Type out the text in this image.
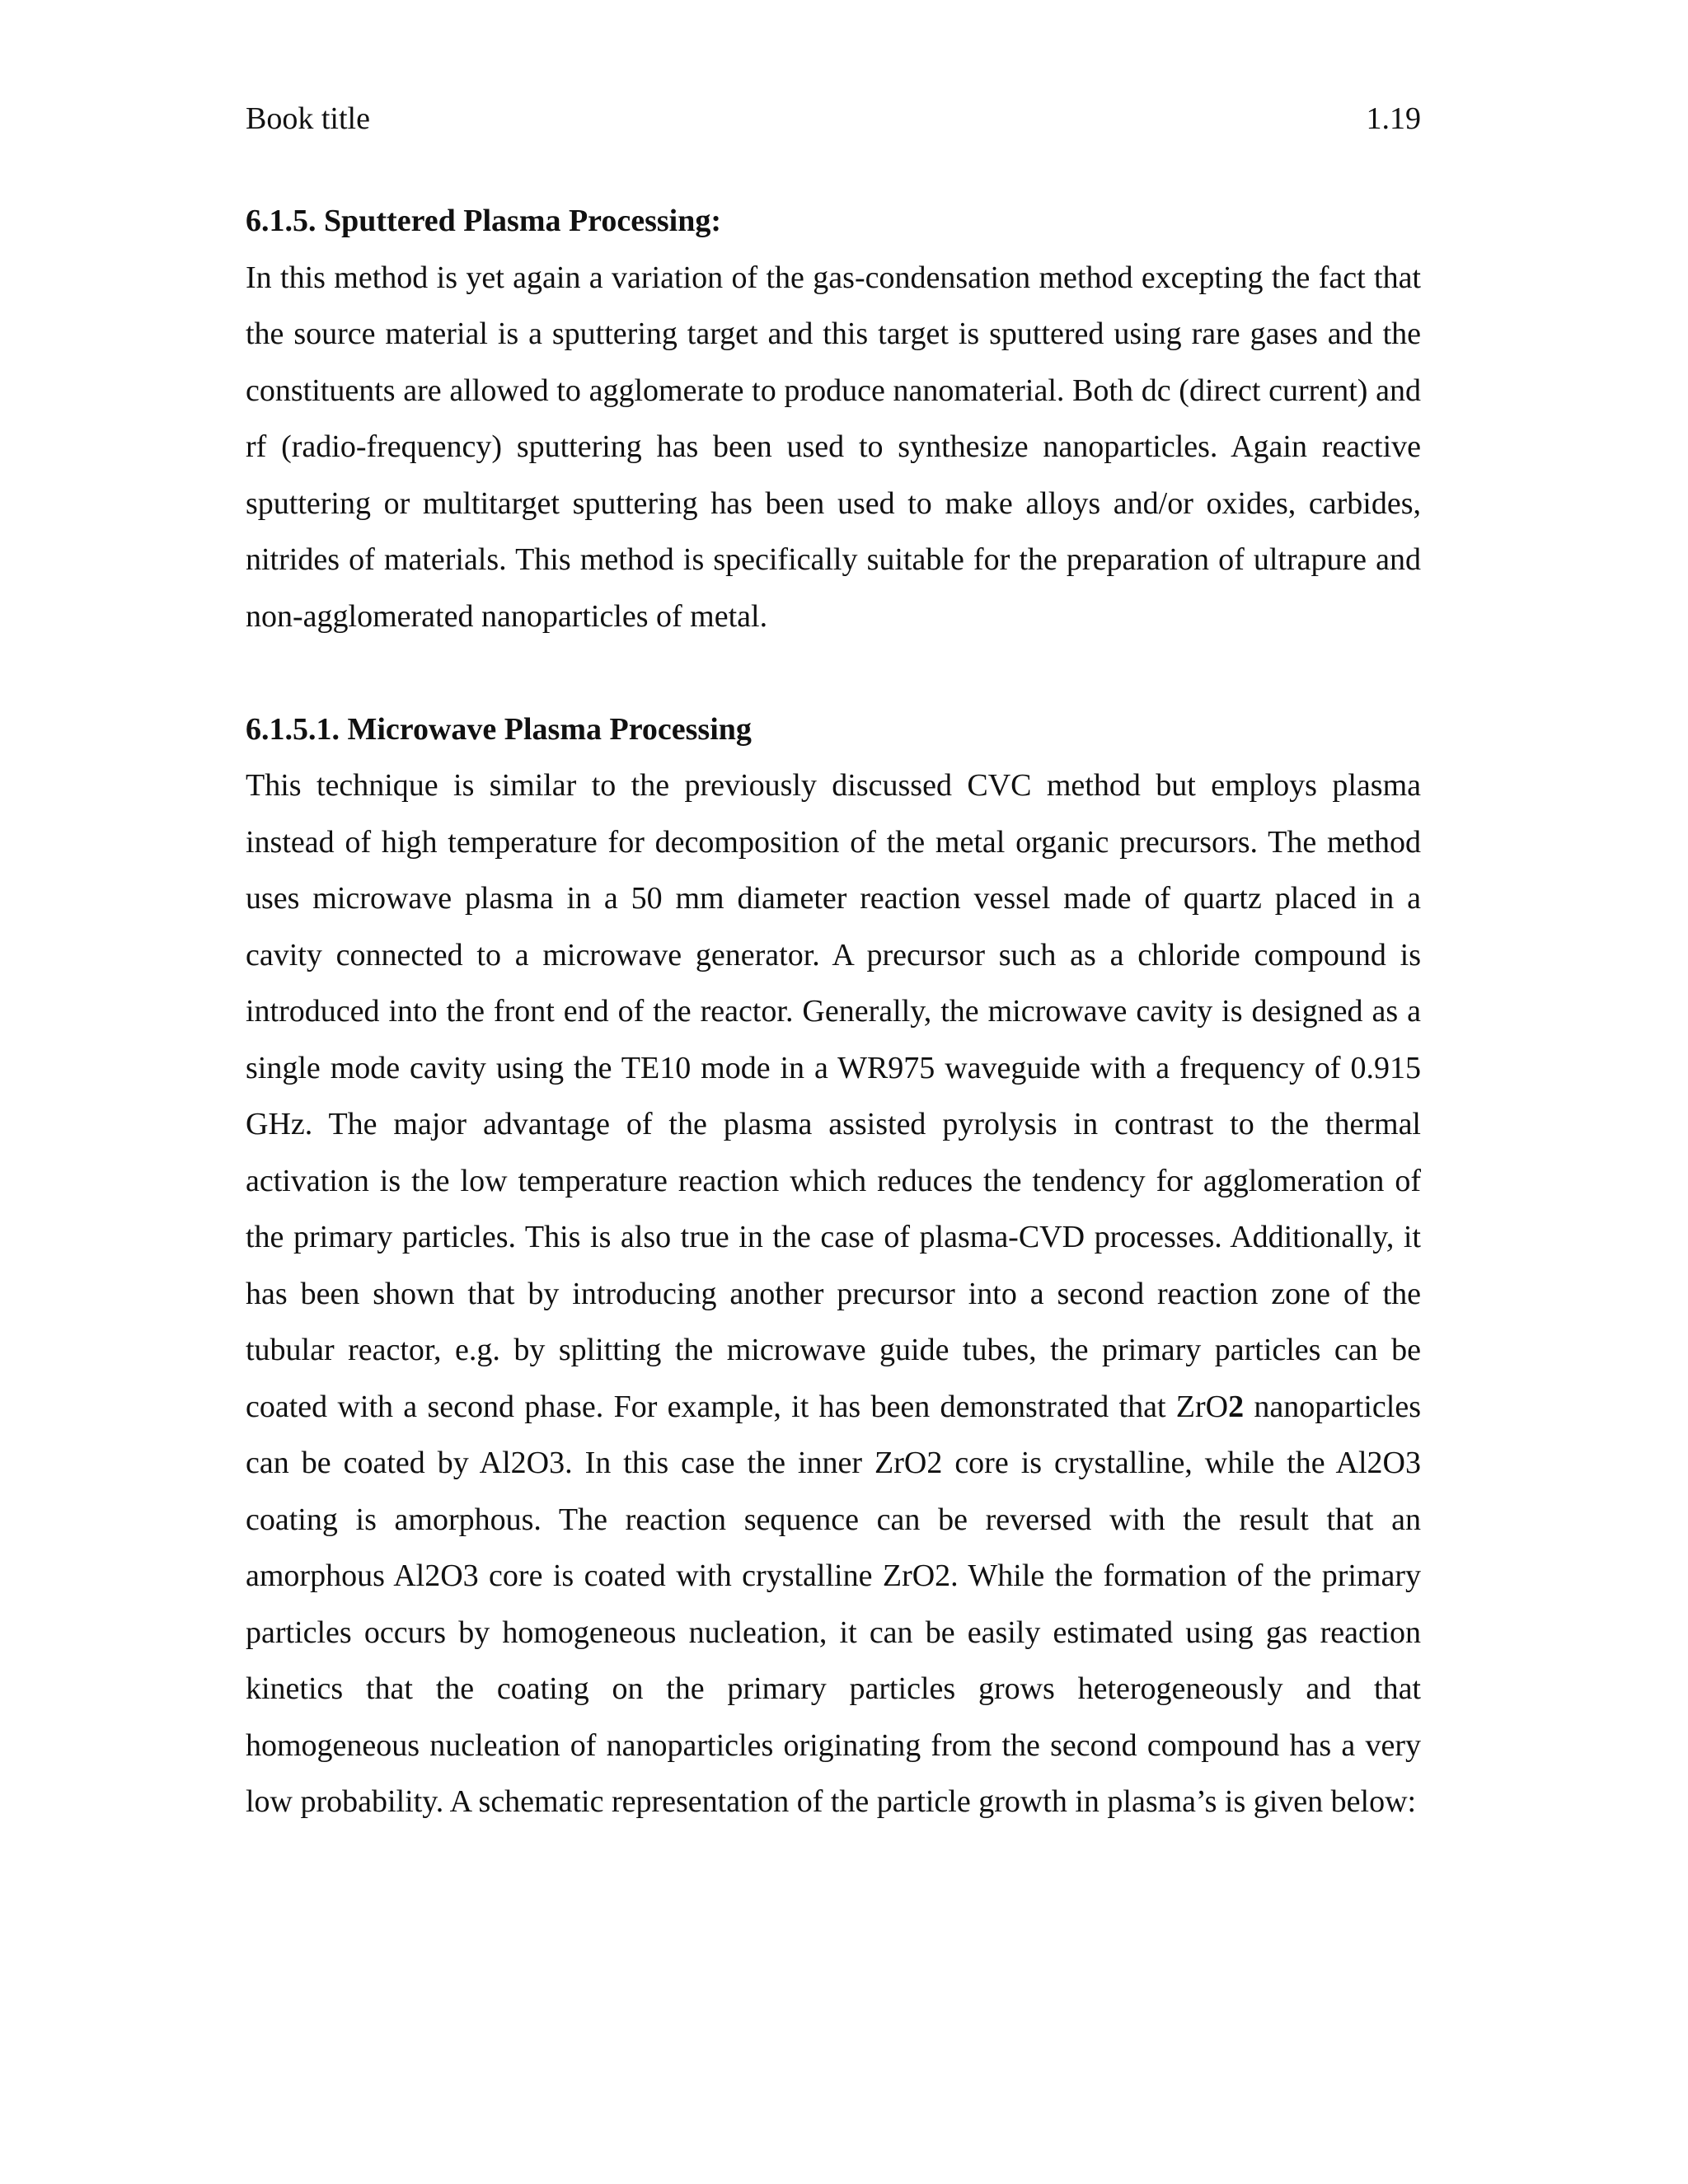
Book title	1.19
6.1.5. Sputtered Plasma Processing:

In this method is yet again a variation of the gas-condensation method excepting the fact that the source material is a sputtering target and this target is sputtered using rare gases and the constituents are allowed to agglomerate to produce nanomaterial. Both dc (direct current) and rf (radio-frequency) sputtering has been used to synthesize nanoparticles. Again reactive sputtering or multitarget sputtering has been used to make alloys and/or oxides, carbides, nitrides of materials. This method is specifically suitable for the preparation of ultrapure and non-agglomerated nanoparticles of metal.

6.1.5.1. Microwave Plasma Processing

This technique is similar to the previously discussed CVC method but employs plasma instead of high temperature for decomposition of the metal organic precursors. The method uses microwave plasma in a 50 mm diameter reaction vessel made of quartz placed in a cavity connected to a microwave generator. A precursor such as a chloride compound is introduced into the front end of the reactor. Generally, the microwave cavity is designed as a single mode cavity using the TE10 mode in a WR975 waveguide with a frequency of 0.915 GHz. The major advantage of the plasma assisted pyrolysis in contrast to the thermal activation is the low temperature reaction which reduces the tendency for agglomeration of the primary particles. This is also true in the case of plasma-CVD processes. Additionally, it has been shown that by introducing another precursor into a second reaction zone of the tubular reactor, e.g. by splitting the microwave guide tubes, the primary particles can be coated with a second phase. For example, it has been demonstrated that ZrO2 nanoparticles can be coated by Al2O3. In this case the inner ZrO2 core is crystalline, while the Al2O3 coating is amorphous. The reaction sequence can be reversed with the result that an amorphous Al2O3 core is coated with crystalline ZrO2. While the formation of the primary particles occurs by homogeneous nucleation, it can be easily estimated using gas reaction kinetics that the coating on the primary particles grows heterogeneously and that homogeneous nucleation of nanoparticles originating from the second compound has a very low probability. A schematic representation of the particle growth in plasma’s is given below:
